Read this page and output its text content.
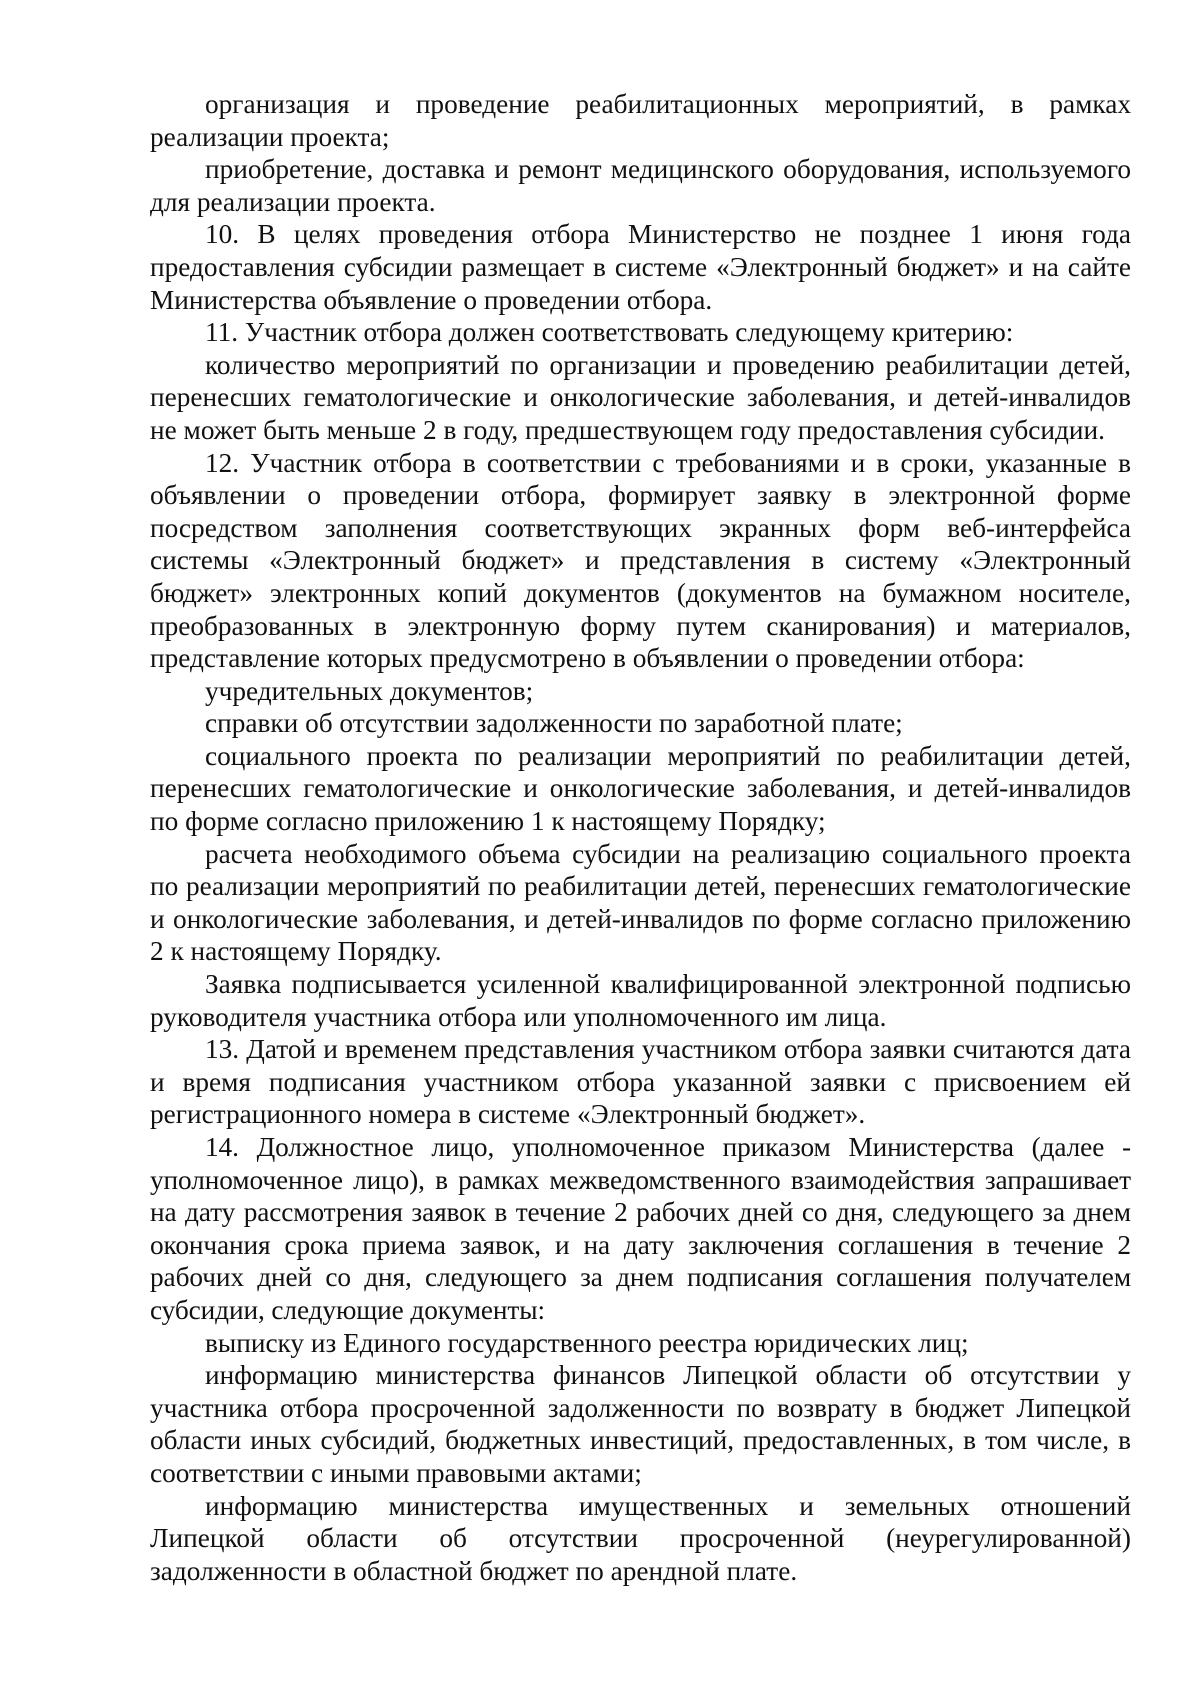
организация и проведение реабилитационных мероприятий, в рамках реализации проекта;

приобретение, доставка и ремонт медицинского оборудования, используемого для реализации проекта.

10. В целях проведения отбора Министерство не позднее 1 июня года предоставления субсидии размещает в системе «Электронный бюджет» и на сайте Министерства объявление о проведении отбора.

11. Участник отбора должен соответствовать следующему критерию:

количество мероприятий по организации и проведению реабилитации детей, перенесших гематологические и онкологические заболевания, и детей-инвалидов не может быть меньше 2 в году, предшествующем году предоставления субсидии.

12. Участник отбора в соответствии с требованиями и в сроки, указанные в объявлении о проведении отбора, формирует заявку в электронной форме посредством заполнения соответствующих экранных форм веб-интерфейса системы «Электронный бюджет» и представления в систему «Электронный бюджет» электронных копий документов (документов на бумажном носителе, преобразованных в электронную форму путем сканирования) и материалов, представление которых предусмотрено в объявлении о проведении отбора:

учредительных документов;

справки об отсутствии задолженности по заработной плате;

социального проекта по реализации мероприятий по реабилитации детей, перенесших гематологические и онкологические заболевания, и детей-инвалидов по форме согласно приложению 1 к настоящему Порядку;

расчета необходимого объема субсидии на реализацию социального проекта по реализации мероприятий по реабилитации детей, перенесших гематологические и онкологические заболевания, и детей-инвалидов по форме согласно приложению 2 к настоящему Порядку.

Заявка подписывается усиленной квалифицированной электронной подписью руководителя участника отбора или уполномоченного им лица.

13. Датой и временем представления участником отбора заявки считаются дата и время подписания участником отбора указанной заявки с присвоением ей регистрационного номера в системе «Электронный бюджет».

14. Должностное лицо, уполномоченное приказом Министерства (далее - уполномоченное лицо), в рамках межведомственного взаимодействия запрашивает на дату рассмотрения заявок в течение 2 рабочих дней со дня, следующего за днем окончания срока приема заявок, и на дату заключения соглашения в течение 2 рабочих дней со дня, следующего за днем подписания соглашения получателем субсидии, следующие документы:

выписку из Единого государственного реестра юридических лиц;

информацию министерства финансов Липецкой области об отсутствии у участника отбора просроченной задолженности по возврату в бюджет Липецкой области иных субсидий, бюджетных инвестиций, предоставленных, в том числе, в соответствии с иными правовыми актами;

информацию министерства имущественных и земельных отношений Липецкой области об отсутствии просроченной (неурегулированной) задолженности в областной бюджет по арендной плате.
